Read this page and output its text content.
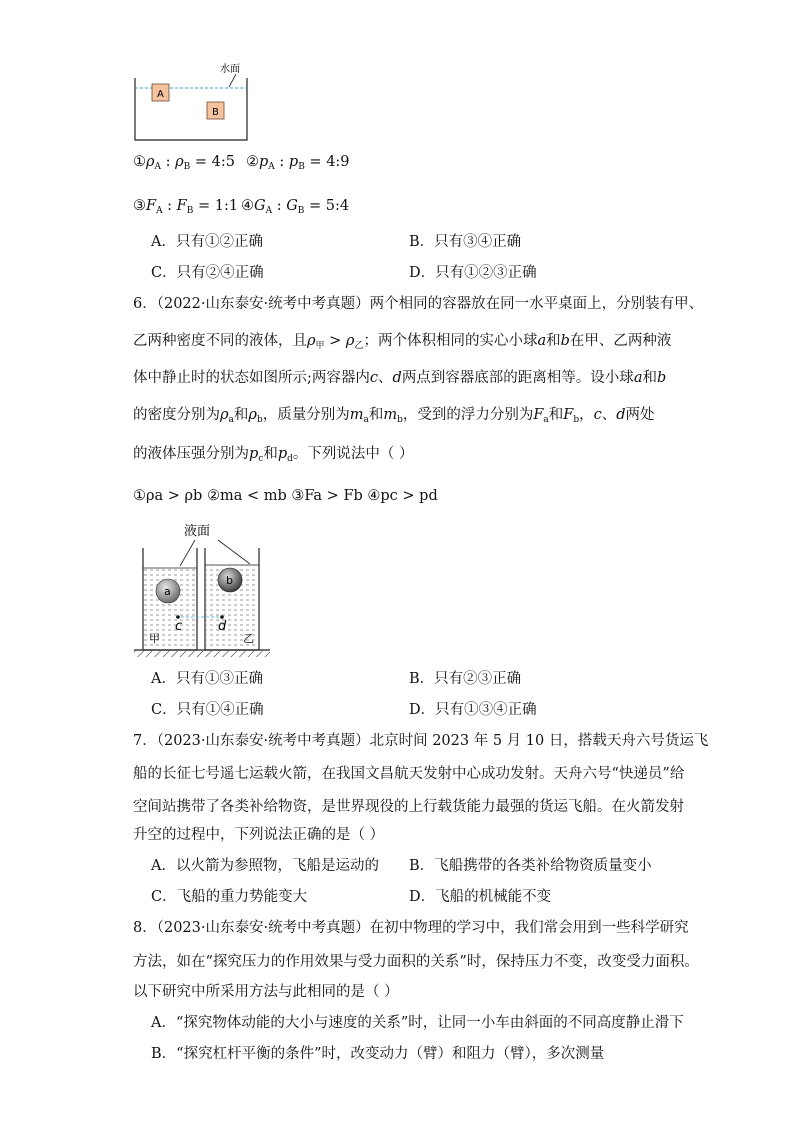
水面
A
B
$①\rho_A$ : $\rho_B$ = 4:5 $②p_A$ : $p_B$ = 4:9
$③F_A$ : $F_B$ = 1:1 $④G_A$ : $G_B$ = 5:4
A．只有①②正确	B．只有③④正确
C．只有②④正确	D．只有①②③正确
6．（2022·山东泰安·统考中考真题）两个相同的容器放在同一水平桌面上，分别装有甲、
乙两种密度不同的液体，且$\rho_甲 > \rho_乙$；两个体积相同的实心小球a和b在甲、乙两种液
体中静止时的状态如图所示;两容器内c、d两点到容器底部的距离相等。设小球a和b
的密度分别为$\rho_a$和$\rho_b$，质量分别为$m_a$和$m_b$，受到的浮力分别为$F_a$和$F_b$，c、d两处
的液体压强分别为$p_c$和$p_d$。下列说法中（ ）
①ρa > ρb ②ma < mb ③Fa > Fb ④pc > pd
液面
a
b
c	d
甲	乙
A．只有①③正确	B．只有②③正确
C．只有①④正确	D．只有①③④正确
7．（2023·山东泰安·统考中考真题）北京时间 2023 年 5 月 10 日，搭载天舟六号货运飞
船的长征七号遥七运载火箭，在我国文昌航天发射中心成功发射。天舟六号“快递员”给
空间站携带了各类补给物资，是世界现役的上行载货能力最强的货运飞船。在火箭发射
升空的过程中，下列说法正确的是（ ）
A．以火箭为参照物，飞船是运动的 B．飞船携带的各类补给物资质量变小
C．飞船的重力势能变大	D．飞船的机械能不变
8．（2023·山东泰安·统考中考真题）在初中物理的学习中，我们常会用到一些科学研究
方法，如在“探究压力的作用效果与受力面积的关系”时，保持压力不变，改变受力面积。
以下研究中所采用方法与此相同的是（ ）
A．“探究物体动能的大小与速度的关系”时，让同一小车由斜面的不同高度静止滑下
B．“探究杠杆平衡的条件”时，改变动力（臂）和阻力（臂），多次测量
